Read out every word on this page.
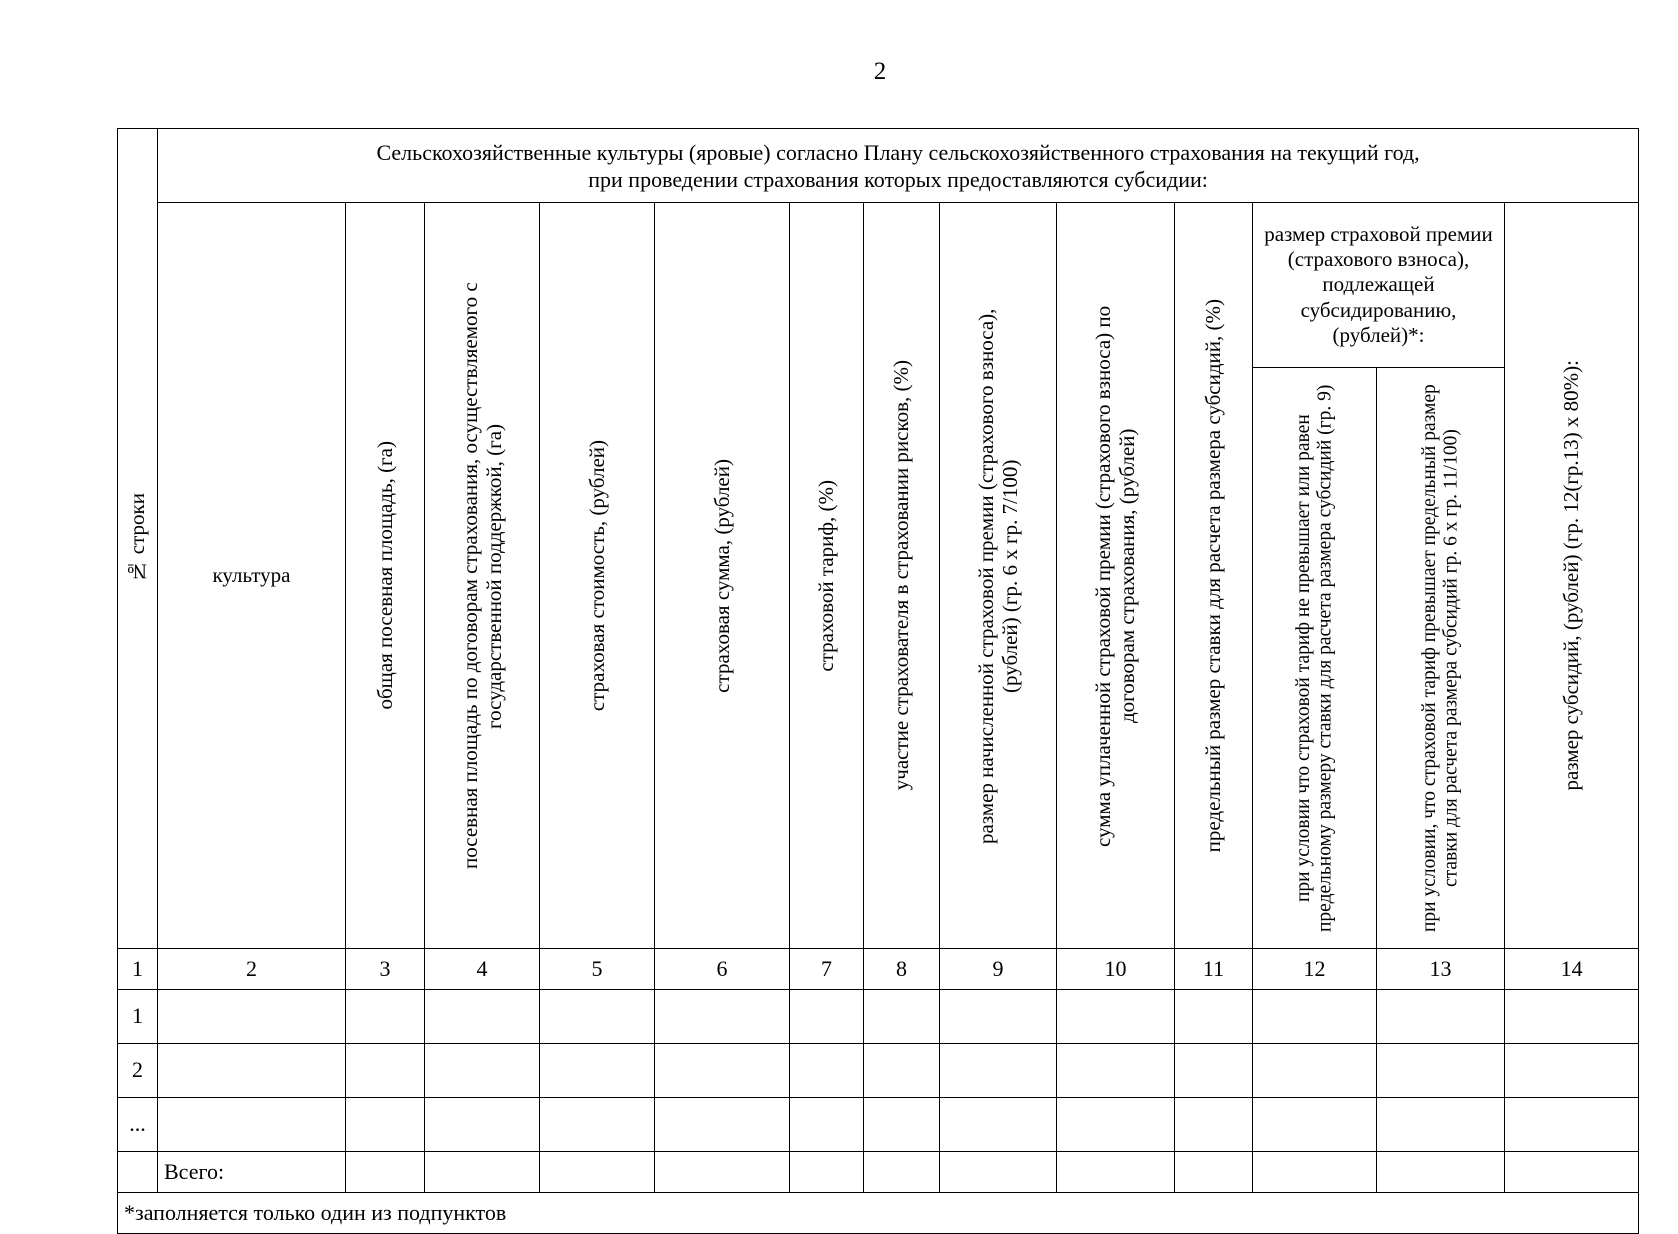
2
№ строки	Сельскохозяйственные культуры (яровые) согласно Плану сельскохозяйственного страхования на текущий год,
при проведении страхования которых предоставляются субсидии:												

	культура	общая посевная площадь, (га)	посевная площадь по договорам страхования, осуществляемого с государственной поддержкой, (га)	страховая стоимость, (рублей)	страховая сумма, (рублей)	страховой тариф, (%)	участие страхователя в страховании рисков, (%)	размер начисленной страховой премии (страхового взноса), (рублей) (гр. 6 х гр. 7/100)	сумма уплаченной страховой премии (страхового взноса) по договорам страхования, (рублей)	предельный размер ставки для расчета размера субсидий, (%)	размер страховой премии (страхового взноса), подлежащей субсидированию, (рублей)*:		размер субсидий, (рублей) (гр. 12(гр.13) х 80%):

											при условии что страховой тариф не превышает или равен предельному размеру ставки для расчета размера субсидий (гр. 9)	при условии, что страховой тариф превышает предельный размер ставки для расчета размера субсидий гр. 6 х гр. 11/100)	

1	2	3	4	5	6	7	8	9	10	11	12	13	14
1													
2													
...													
	Всего:												
*заполняется только один из подпунктов													
